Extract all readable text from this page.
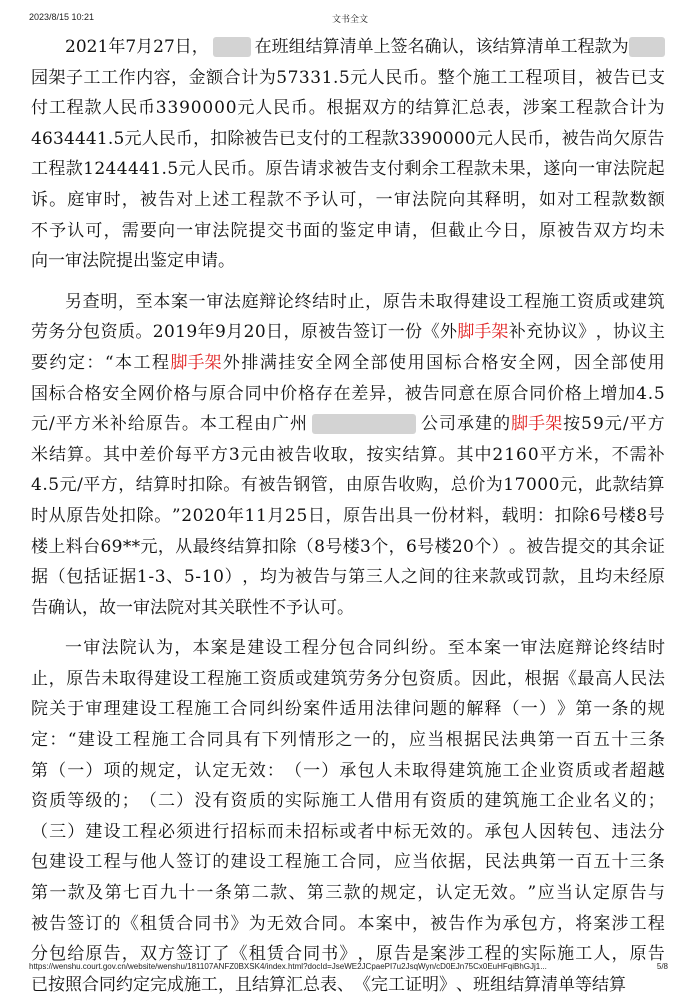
2023/8/15 10:21	文书全文
2 0 2 1 年 7 月 2 7 日 ，	在 班 组 结 算 清 单 上 签 名 确 认 ， 该 结 算 清 单 工 程 款 为
园 架 子 工 工 作 内 容 ， 金 额 合 计 为 5 7 3 3 1 . 5 元 人 民 币 。 整 个 施 工 工 程 项 目 ， 被 告 已 支
付 工 程 款 人 民 币 3 3 9 0 0 0 0 元 人 民 币 。 根 据 双 方 的 结 算 汇 总 表 ， 涉 案 工 程 款 合 计 为
4 6 3 4 4 4 1 . 5 元 人 民 币 ， 扣 除 被 告 已 支 付 的 工 程 款 3 3 9 0 0 0 0 元 人 民 币 ， 被 告 尚 欠 原 告
工 程 款 1 2 4 4 4 4 1 . 5 元 人 民 币 。 原 告 请 求 被 告 支 付 剩 余 工 程 款 未 果 ， 遂 向 一 审 法 院 起
诉 。 庭 审 时 ， 被 告 对 上 述 工 程 款 不 予 认 可 ， 一 审 法 院 向 其 释 明 ， 如 对 工 程 款 数 额
不 予 认 可 ， 需 要 向 一 审 法 院 提 交 书 面 的 鉴 定 申 请 ， 但 截 止 今 日 ， 原 被 告 双 方 均 未
向 一 审 法 院 提 出 鉴 定 申 请 。
另 查 明 ， 至 本 案 一 审 法 庭 辩 论 终 结 时 止 ， 原 告 未 取 得 建 设 工 程 施 工 资 质 或 建 筑
劳 务 分 包 资 质 。 2 0 1 9 年 9 月 2 0 日 ， 原 被 告 签 订 一 份 《 外 脚手架 补 充 协 议 》 ， 协 议 主
要 约 定 ： “ 本 工 程 脚手架 外 排 满 挂 安 全 网 全 部 使 用 国 标 合 格 安 全 网 ， 因 全 部 使 用
国 标 合 格 安 全 网 价 格 与 原 合 同 中 价 格 存 在 差 异 ， 被 告 同 意 在 原 合 同 价 格 上 增 加 4 . 5
元 / 平 方 米 补 给 原 告 。 本 工 程 由 广 州	公 司 承 建 的 脚手架 按 5 9 元 / 平 方
米 结 算 。 其 中 差 价 每 平 方 3 元 由 被 告 收 取 ， 按 实 结 算 。 其 中 2 1 6 0 平 方 米 ， 不 需 补
4 . 5 元 / 平 方 ， 结 算 时 扣 除 。 有 被 告 钢 管 ， 由 原 告 收 购 ， 总 价 为 1 7 0 0 0 元 ， 此 款 结 算
时 从 原 告 处 扣 除 。 ” 2 0 2 0 年 1 1 月 2 5 日 ， 原 告 出 具 一 份 材 料 ， 载 明 ： 扣 除 6 号 楼 8 号
楼 上 料 台 6 9 * * 元 ， 从 最 终 结 算 扣 除 （ 8 号 楼 3 个 ， 6 号 楼 2 0 个 ） 。 被 告 提 交 的 其 余 证
据 （ 包 括 证 据 1 - 3 、 5 - 1 0 ） ， 均 为 被 告 与 第 三 人 之 间 的 往 来 款 或 罚 款 ， 且 均 未 经 原
告 确 认 ， 故 一 审 法 院 对 其 关 联 性 不 予 认 可 。
一 审 法 院 认 为 ， 本 案 是 建 设 工 程 分 包 合 同 纠 纷 。 至 本 案 一 审 法 庭 辩 论 终 结 时
止 ， 原 告 未 取 得 建 设 工 程 施 工 资 质 或 建 筑 劳 务 分 包 资 质 。 因 此 ， 根 据 《 最 高 人 民 法
院 关 于 审 理 建 设 工 程 施 工 合 同 纠 纷 案 件 适 用 法 律 问 题 的 解 释 （ 一 ） 》 第 一 条 的 规
定 ： “ 建 设 工 程 施 工 合 同 具 有 下 列 情 形 之 一 的 ， 应 当 根 据 民 法 典 第 一 百 五 十 三 条
第 （ 一 ） 项 的 规 定 ， 认 定 无 效 ： （ 一 ） 承 包 人 未 取 得 建 筑 施 工 企 业 资 质 或 者 超 越
资 质 等 级 的 ； （ 二 ） 没 有 资 质 的 实 际 施 工 人 借 用 有 资 质 的 建 筑 施 工 企 业 名 义 的 ；
（ 三 ） 建 设 工 程 必 须 进 行 招 标 而 未 招 标 或 者 中 标 无 效 的 。 承 包 人 因 转 包 、 违 法 分
包 建 设 工 程 与 他 人 签 订 的 建 设 工 程 施 工 合 同 ， 应 当 依 据 ， 民 法 典 第 一 百 五 十 三 条
第 一 款 及 第 七 百 九 十 一 条 第 二 款 、 第 三 款 的 规 定 ， 认 定 无 效 。 ” 应 当 认 定 原 告 与
被 告 签 订 的 《 租 赁 合 同 书 》 为 无 效 合 同 。 本 案 中 ， 被 告 作 为 承 包 方 ， 将 案 涉 工 程
分 包 给 原 告 ， 双 方 签 订 了 《 租 赁 合 同 书 》 ， 原 告 是 案 涉 工 程 的 实 际 施 工 人 ， 原 告
已 按 照 合 同 约 定 完 成 施 工 ， 且 结 算 汇 总 表 、 《 完 工 证 明 》 、 班 组 结 算 清 单 等 结 算
https://wenshu.court.gov.cn/website/wenshu/181107ANFZ0BXSK4/index.html?docId=JseWE2JCpaePI7u2JsqWyn/cD0EJn75Cx0EuHFqiBhGJj1...	5/8
